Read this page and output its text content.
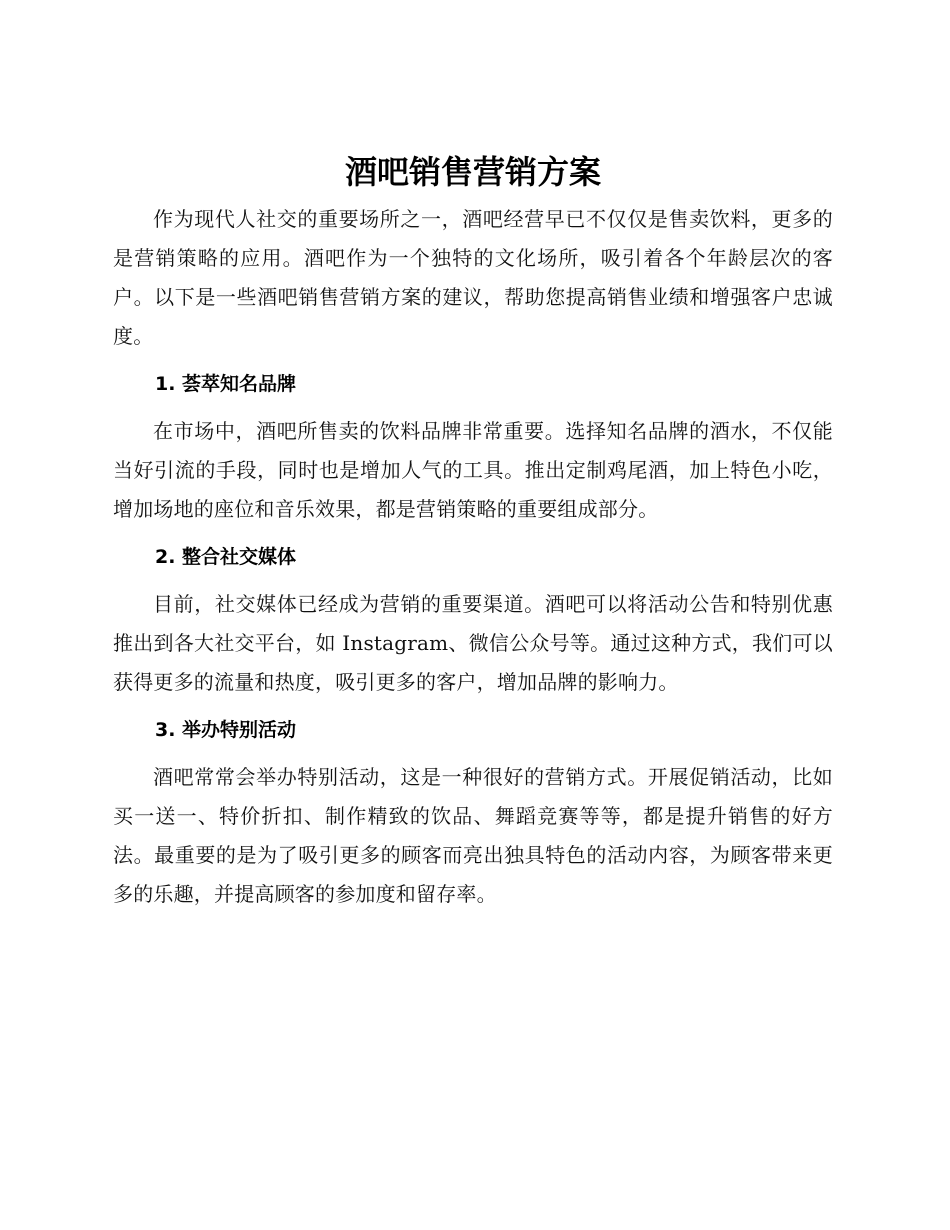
酒吧销售营销方案

作为现代人社交的重要场所之一，酒吧经营早已不仅仅是售卖饮料，更多的是营销策略的应用。酒吧作为一个独特的文化场所，吸引着各个年龄层次的客户。以下是一些酒吧销售营销方案的建议，帮助您提高销售业绩和增强客户忠诚度。

1. 荟萃知名品牌

在市场中，酒吧所售卖的饮料品牌非常重要。选择知名品牌的酒水，不仅能当好引流的手段，同时也是增加人气的工具。推出定制鸡尾酒，加上特色小吃，增加场地的座位和音乐效果，都是营销策略的重要组成部分。

2. 整合社交媒体

目前，社交媒体已经成为营销的重要渠道。酒吧可以将活动公告和特别优惠推出到各大社交平台，如 Instagram、微信公众号等。通过这种方式，我们可以获得更多的流量和热度，吸引更多的客户，增加品牌的影响力。

3. 举办特别活动

酒吧常常会举办特别活动，这是一种很好的营销方式。开展促销活动，比如买一送一、特价折扣、制作精致的饮品、舞蹈竞赛等等，都是提升销售的好方法。最重要的是为了吸引更多的顾客而亮出独具特色的活动内容，为顾客带来更多的乐趣，并提高顾客的参加度和留存率。
